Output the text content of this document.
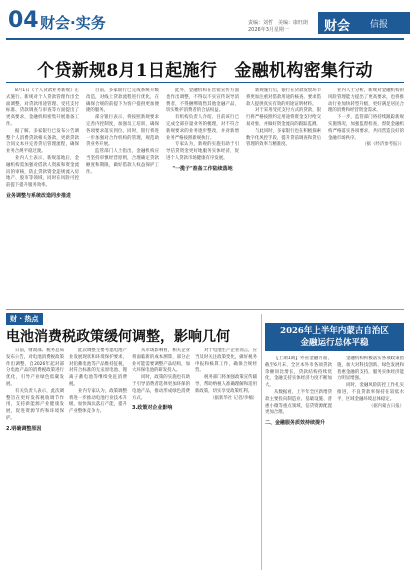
04 财会·实务	责编：刘哲　美编：康旺朗
2026年3月星期一	财会 信报
个贷新规8月1日起施行　金融机构密集行动

8月1日《个人贷款业务新规》正式施行。新规对个人贷款管理作出全面调整，对贷款用途管理、受托支付标准、贷款调查与审查等方面提出了更高要求，金融机构密集开展准备工作。

据了解，多家银行已发布公告调整个人消费贷款相关条款，更新贷款合同文本并完善贷后管理流程，确保业务合规平稳过渡。

业内人士表示，新规落地后，金融机构需加强对借款人资质和资金流向的审核，防止贷款资金违规流入房地产、股市等领域，同时在风险可控前提下提升服务效率。

业务调整与系统改造同步推进

目前，多家银行已完成系统升级改造，对线上贷款流程进行优化，在确保合规的前提下为客户提供更加便捷的服务。

部分银行表示，将按照新规要求完善内控制度，加强员工培训，确保各项要求落实到位。同时，银行将进一步加强对合作机构的管理，规范助贷业务开展。

监管部门人士指出，金融机构应当坚持审慎经营原则，合理确定贷款额度和期限，做好借款人权益保护工作。

此外，金融机构在营销宣传方面也作出调整，不得以不实宣传误导消费者，不得捆绑销售其他金融产品，切实维护消费者的合法权益。

有机构负责人介绍，目前该行已完成全部存量业务的梳理，对不符合新规要求的业务逐步整改，并对新增业务严格按照新规执行。

专家认为，新规的实施有助于引导信贷资金更好地服务实体经济，促进个人贷款市场健康有序发展。

"一揽子"准备工作陆续落地

新规施行后，银行在贷款发放环节将更加注重对借款用途的核查，要求借款人提供真实有效的用途证明材料。

对于采用受托支付方式的贷款，银行将严格按照约定用途将资金支付给交易对象，并做好资金流向的跟踪监测。

与此同时，多家银行也在积极探索数字化风控手段，提升贷前调查和贷后管理的效率与精准度。

业内人士分析，新规对金融机构的风险管理能力提出了更高要求，也将推动行业加快转型升级，更好满足居民合理的消费和经营资金需求。

下一步，监管部门将持续跟踪新规实施情况，加强监督检查，督促金融机构严格落实各项要求，共同营造良好的金融市场秩序。

（据《经济参考报》）

财 · 热点
电池消费税政策缓何调整，影响几何

日前，财政部、税务总局发布公告，对电池消费税政策作出调整，自2026年起对部分电池产品的消费税政策进行优化，引导产业绿色低碳发展。

有关负责人表示，此次调整旨在更好发挥税收调节作用，支持新能源产业健康发展，促进资源节约和环境保护。

2.明确调整原因

此次调整主要考虑电池产业发展现状和环境保护要求，对铅蓄电池等产品维持征税，对符合标准的无汞原电池、锂离子蓄电池等继续免征消费税。

业内专家认为，政策调整将进一步推动电池行业技术升级，加快淘汰落后产能，提升产业整体竞争力。

从市场影响看，相关企业将面临新的成本测算，部分企业可能需要调整产品结构，加大环保电池的研发投入。

同时，政策的实施也有助于引导消费者选择更加环保的电池产品，推动形成绿色消费方式。

3.政策对企业影响

对于电池生产企业而言，应当及时关注政策变化，做好税务申报和核算工作，确保合规经营。

税务部门将加强政策宣传辅导，帮助纳税人准确理解和适用新政策，切实享受政策红利。

（据新华社 记者/李楠）

2026年上半年内蒙古自治区
金融运行总体平稳

【上期1期】外省金融方面，截至6月末，全区本外币各项贷款余额同比增长，贷款结构持续优化，金融支持实体经济力度不断加大。

从数据看，上半年全区新增贷款主要投向制造业、基础设施、普惠小微等重点领域，信贷资源配置更加合理。

二、金融服务质效持续提升

金融机构积极落实各项政策措施，加大对科技创新、绿色发展和普惠金融的支持，服务实体经济能力明显增强。

同时，金融风险防控工作扎实推进，不良贷款率保持在较低水平，区域金融环境总体稳定。

（据内蒙古日报）
